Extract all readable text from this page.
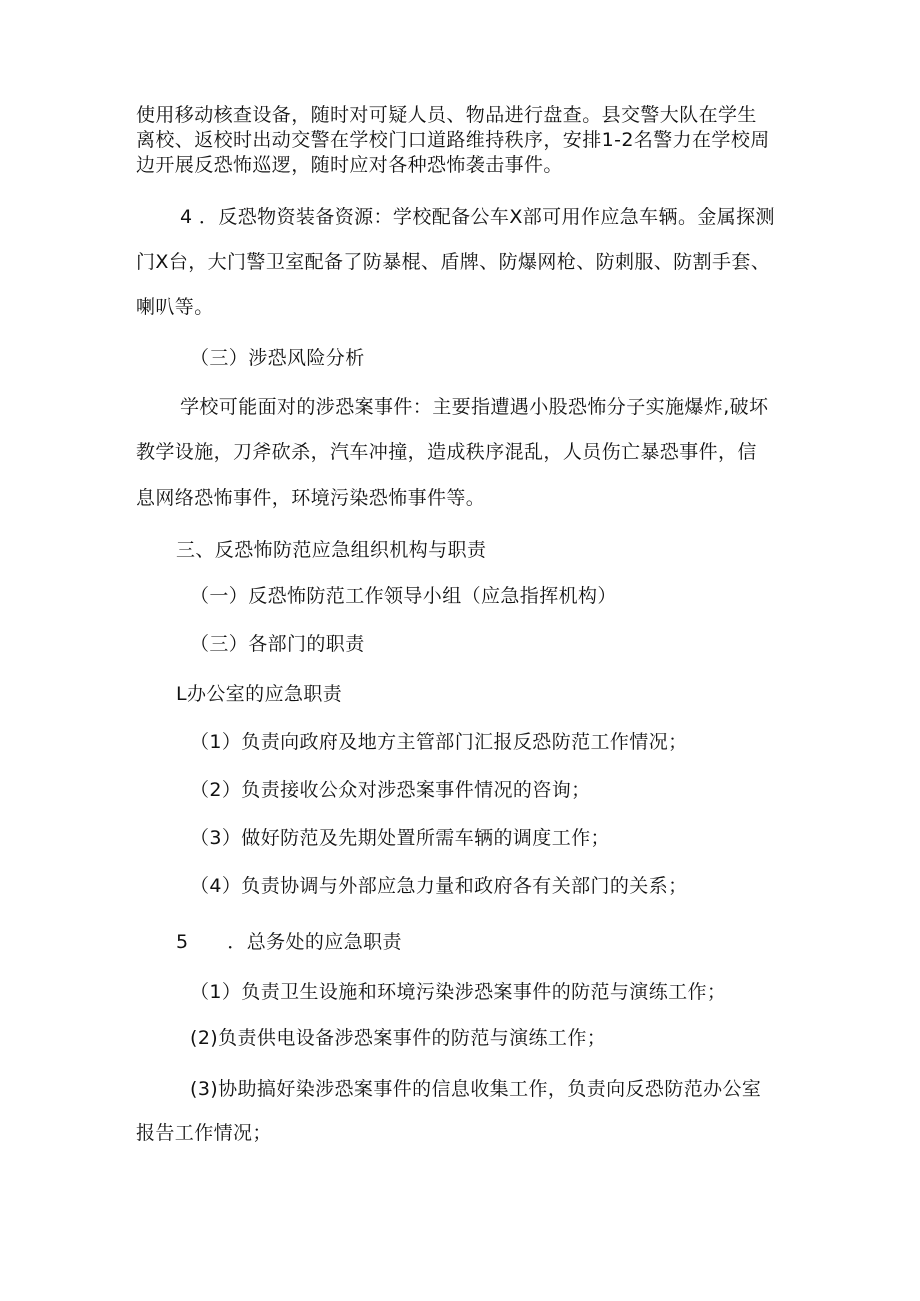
使用移动核查设备，随时对可疑人员、物品进行盘查。县交警大队在学生
离校、返校时出动交警在学校门口道路维持秩序，安排1-2名警力在学校周
边开展反恐怖巡逻，随时应对各种恐怖袭击事件。
4 ．反恐物资装备资源：学校配备公车X部可用作应急车辆。金属探测
门X台，大门警卫室配备了防暴棍、盾牌、防爆网枪、防刺服、防割手套、
喇叭等。
（三）涉恐风险分析
学校可能面对的涉恐案事件：主要指遭遇小股恐怖分子实施爆炸,破坏
教学设施，刀斧砍杀，汽车冲撞，造成秩序混乱，人员伤亡暴恐事件，信
息网络恐怖事件，环境污染恐怖事件等。
三、反恐怖防范应急组织机构与职责
（一）反恐怖防范工作领导小组（应急指挥机构）
（三）各部门的职责
L办公室的应急职责
（1）负责向政府及地方主管部门汇报反恐防范工作情况；
（2）负责接收公众对涉恐案事件情况的咨询；
（3）做好防范及先期处置所需车辆的调度工作；
（4）负责协调与外部应急力量和政府各有关部门的关系；
5　　．总务处的应急职责
（1）负责卫生设施和环境污染涉恐案事件的防范与演练工作；
(2)负责供电设备涉恐案事件的防范与演练工作；
(3)协助搞好染涉恐案事件的信息收集工作，负责向反恐防范办公室
报告工作情况；
